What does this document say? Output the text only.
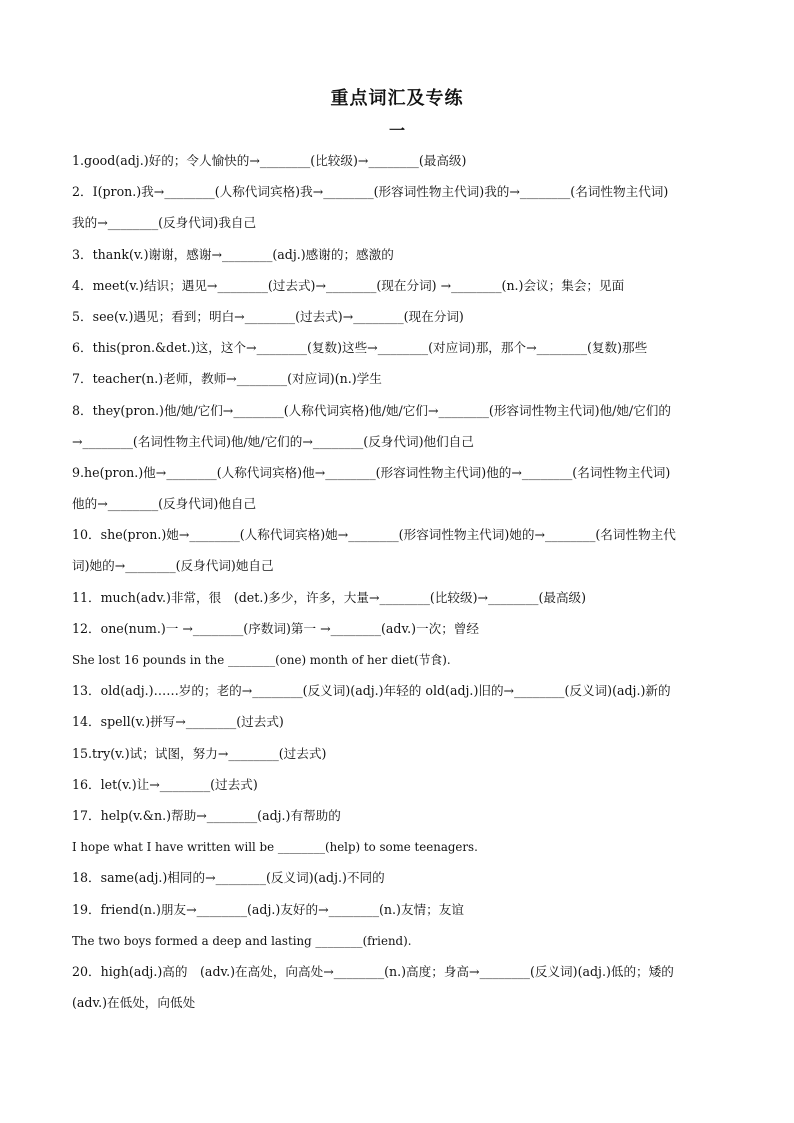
重点词汇及专练
一
1.good(adj.)好的；令人愉快的→________(比较级)→________(最高级)
2．I(pron.)我→________(人称代词宾格)我→________(形容词性物主代词)我的→________(名词性物主代词)
我的→________(反身代词)我自己
3．thank(v.)谢谢，感谢→________(adj.)感谢的；感激的
4．meet(v.)结识；遇见→________(过去式)→________(现在分词) →________(n.)会议；集会；见面
5．see(v.)遇见；看到；明白→________(过去式)→________(现在分词)
6．this(pron.&det.)这，这个→________(复数)这些→________(对应词)那，那个→________(复数)那些
7．teacher(n.)老师，教师→________(对应词)(n.)学生
8．they(pron.)他/她/它们→________(人称代词宾格)他/她/它们→________(形容词性物主代词)他/她/它们的
→________(名词性物主代词)他/她/它们的→________(反身代词)他们自己
9.he(pron.)他→________(人称代词宾格)他→________(形容词性物主代词)他的→________(名词性物主代词)
他的→________(反身代词)他自己
10．she(pron.)她→________(人称代词宾格)她→________(形容词性物主代词)她的→________(名词性物主代
词)她的→________(反身代词)她自己
11．much(adv.)非常，很　(det.)多少，许多，大量→________(比较级)→________(最高级)
12．one(num.)一 →________(序数词)第一 →________(adv.)一次；曾经
She lost 16 pounds in the ________(one) month of her diet(节食).
13．old(adj.)……岁的；老的→________(反义词)(adj.)年轻的 old(adj.)旧的→________(反义词)(adj.)新的
14．spell(v.)拼写→________(过去式)
15.try(v.)试；试图，努力→________(过去式)
16．let(v.)让→________(过去式)
17．help(v.&n.)帮助→________(adj.)有帮助的
I hope what I have written will be ________(help) to some teenagers.
18．same(adj.)相同的→________(反义词)(adj.)不同的
19．friend(n.)朋友→________(adj.)友好的→________(n.)友情；友谊
The two boys formed a deep and lasting ________(friend).
20．high(adj.)高的　(adv.)在高处，向高处→________(n.)高度；身高→________(反义词)(adj.)低的；矮的
(adv.)在低处，向低处
